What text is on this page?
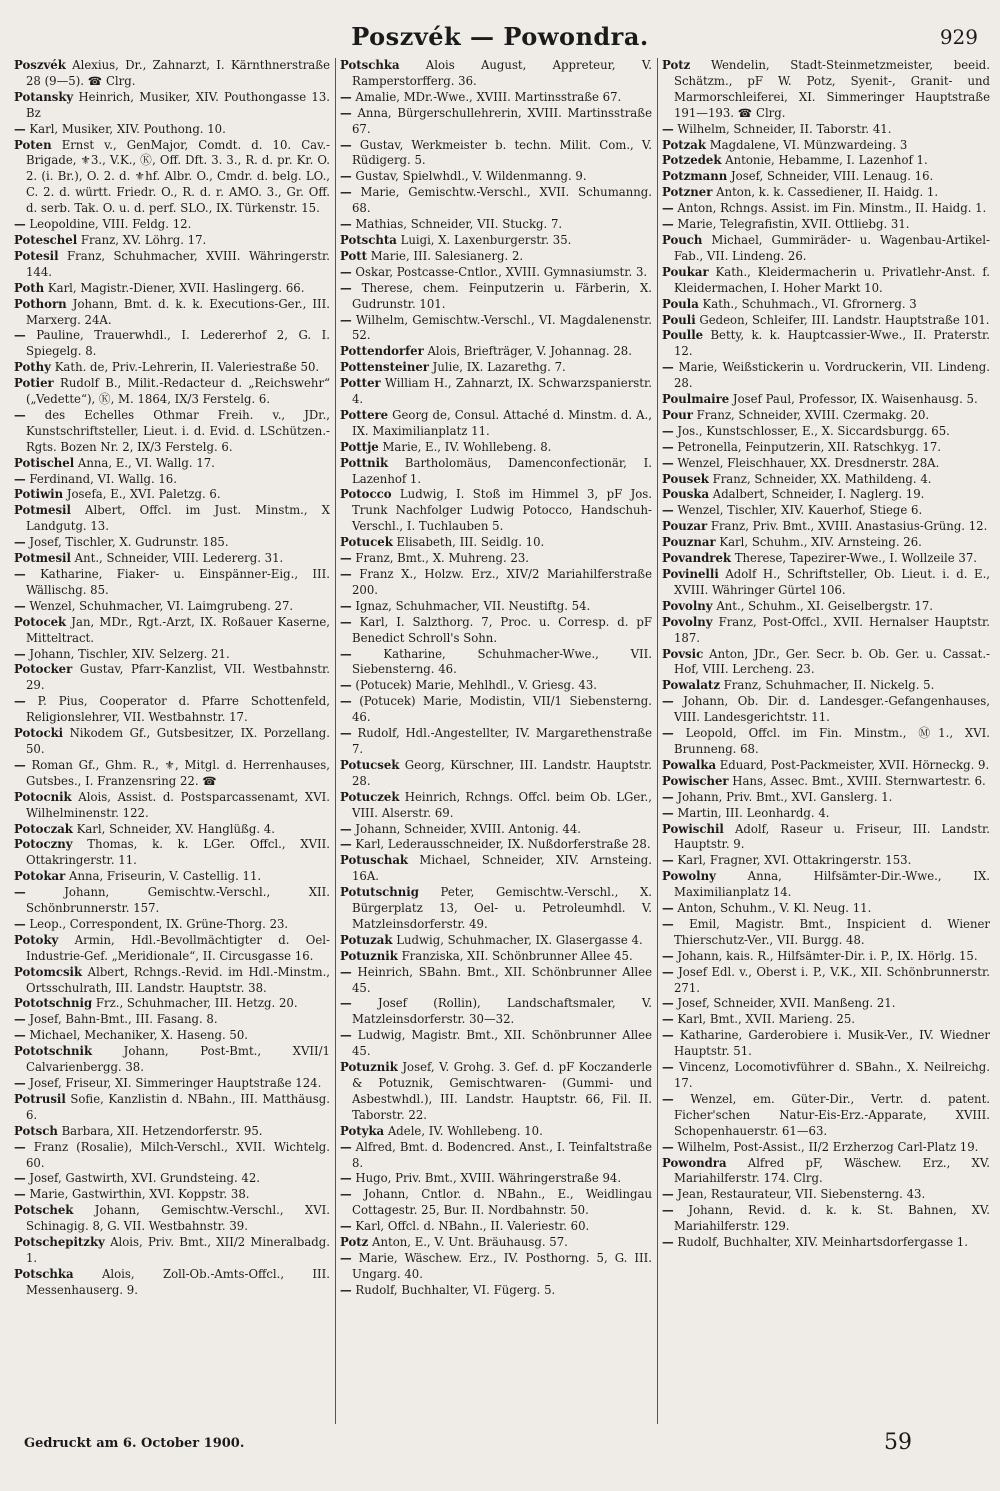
Poszvék — Powondra.	929

Poszvék Alexius, Dr., Zahnarzt, I. Kärnthnerstraße 28 (9—5). ☎ Clrg.

Potansky Heinrich, Musiker, XIV. Pouthongasse 13. Bz

— Karl, Musiker, XIV. Pouthong. 10.

Poten Ernst v., GenMajor, Comdt. d. 10. Cav.-Brigade, ⚜3., V.K., Ⓚ, Off. Dft. 3. 3., R. d. pr. Kr. O. 2. (i. Br.), O. 2. d. ⚜hf. Albr. O., Cmdr. d. belg. LO., C. 2. d. württ. Friedr. O., R. d. r. AMO. 3., Gr. Off. d. serb. Tak. O. u. d. perf. SLO., IX. Türkenstr. 15.

— Leopoldine, VIII. Feldg. 12.

Poteschel Franz, XV. Löhrg. 17.

Potesil Franz, Schuhmacher, XVIII. Währingerstr. 144.

Poth Karl, Magistr.-Diener, XVII. Haslingerg. 66.

Pothorn Johann, Bmt. d. k. k. Executions-Ger., III. Marxerg. 24A.

— Pauline, Trauerwhdl., I. Ledererhof 2, G. I. Spiegelg. 8.

Pothy Kath. de, Priv.-Lehrerin, II. Valeriestraße 50.

Potier Rudolf B., Milit.-Redacteur d. „Reichswehr“ („Vedette“), Ⓚ, M. 1864, IX/3 Ferstelg. 6.

— des Echelles Othmar Freih. v., JDr., Kunstschriftsteller, Lieut. i. d. Evid. d. LSchützen.-Rgts. Bozen Nr. 2, IX/3 Ferstelg. 6.

Potischel Anna, E., VI. Wallg. 17.

— Ferdinand, VI. Wallg. 16.

Potiwin Josefa, E., XVI. Paletzg. 6.

Potmesil Albert, Offcl. im Just. Minstm., X Landgutg. 13.

— Josef, Tischler, X. Gudrunstr. 185.

Potmesil Ant., Schneider, VIII. Ledererg. 31.

— Katharine, Fiaker- u. Einspänner-Eig., III. Wällischg. 85.

— Wenzel, Schuhmacher, VI. Laimgrubeng. 27.

Potocek Jan, MDr., Rgt.-Arzt, IX. Roßauer Kaserne, Mitteltract.

— Johann, Tischler, XIV. Selzerg. 21.

Potocker Gustav, Pfarr-Kanzlist, VII. Westbahnstr. 29.

— P. Pius, Cooperator d. Pfarre Schottenfeld, Religionslehrer, VII. Westbahnstr. 17.

Potocki Nikodem Gf., Gutsbesitzer, IX. Porzellang. 50.

— Roman Gf., Ghm. R., ⚜, Mitgl. d. Herrenhauses, Gutsbes., I. Franzensring 22. ☎

Potocnik Alois, Assist. d. Postsparcassenamt, XVI. Wilhelminenstr. 122.

Potoczak Karl, Schneider, XV. Hanglüßg. 4.

Potoczny Thomas, k. k. LGer. Offcl., XVII. Ottakringerstr. 11.

Potokar Anna, Friseurin, V. Castellig. 11.

—	Johann, Gemischtw.-Verschl., XII. Schönbrunnerstr. 157.

— Leop., Correspondent, IX. Grüne-Thorg. 23.

Potoky Armin, Hdl.-Bevollmächtigter d. Oel-Industrie-Gef. „Meridionale“, II. Circusgasse 16.

Potomcsik Albert, Rchngs.-Revid. im Hdl.-Minstm., Ortsschulrath, III. Landstr. Hauptstr. 38.

Pototschnig Frz., Schuhmacher, III. Hetzg. 20.

— Josef, Bahn-Bmt., III. Fasang. 8.

— Michael, Mechaniker, X. Haseng. 50.

Pototschnik	Johann, Post-Bmt., XVII/1 Calvarienbergg. 38.

— Josef, Friseur, XI. Simmeringer Hauptstraße 124.

Potrusil Sofie, Kanzlistin d. NBahn., III. Matthäusg. 6.

Potsch Barbara, XII. Hetzendorferstr. 95.

— Franz (Rosalie), Milch-Verschl., XVII. Wichtelg. 60.

— Josef, Gastwirth, XVI. Grundsteing. 42.

— Marie, Gastwirthin, XVI. Koppstr. 38.

Potschek Johann, Gemischtw.-Verschl., XVI. Schinagig. 8, G. VII. Westbahnstr. 39.

Potschepitzky Alois, Priv. Bmt., XII/2 Mineralbadg. 1.

Potschka Alois, Zoll-Ob.-Amts-Offcl., III. Messenhauserg. 9.

Potschka Alois August, Appreteur, V. Ramperstorfferg. 36.

— Amalie, MDr.-Wwe., XVIII. Martinsstraße 67.

— Anna, Bürgerschullehrerin, XVIII. Martinsstraße 67.

— Gustav, Werkmeister b. techn. Milit. Com., V. Rüdigerg. 5.

— Gustav, Spielwhdl., V. Wildenmanng. 9.

— Marie, Gemischtw.-Verschl., XVII. Schumanng. 68.

— Mathias, Schneider, VII. Stuckg. 7.

Potschta Luigi, X. Laxenburgerstr. 35.

Pott Marie, III. Salesianerg. 2.

— Oskar, Postcasse-Cntlor., XVIII. Gymnasiumstr. 3.

— Therese, chem. Feinputzerin u. Färberin, X. Gudrunstr. 101.

— Wilhelm, Gemischtw.-Verschl., VI. Magdalenenstr. 52.

Pottendorfer Alois, Briefträger, V. Johannag. 28.

Pottensteiner Julie, IX. Lazarethg. 7.

Potter William H., Zahnarzt, IX. Schwarzspanierstr. 4.

Pottere Georg de, Consul. Attaché d. Minstm. d. A., IX. Maximilianplatz 11.

Pottje Marie, E., IV. Wohllebeng. 8.

Pottnik Bartholomäus, Damenconfectionär, I. Lazenhof 1.

Potocco Ludwig, I. Stoß im Himmel 3, pF Jos. Trunk Nachfolger Ludwig Potocco, Handschuh-Verschl., I. Tuchlauben 5.

Potucek Elisabeth, III. Seidlg. 10.

— Franz, Bmt., X. Muhreng. 23.

— Franz X., Holzw. Erz., XIV/2 Mariahilferstraße 200.

— Ignaz, Schuhmacher, VII. Neustiftg. 54.

— Karl, I. Salzthorg. 7, Proc. u. Corresp. d. pF Benedict Schroll's Sohn.

—	Katharine, Schuhmacher-Wwe., VII. Siebensterng. 46.

— (Potucek) Marie, Mehlhdl., V. Griesg. 43.

— (Potucek) Marie, Modistin, VII/1 Siebensterng. 46.

— Rudolf, Hdl.-Angestellter, IV. Margarethenstraße 7.

Potucsek Georg, Kürschner, III. Landstr. Hauptstr. 28.

Potuczek Heinrich, Rchngs. Offcl. beim Ob. LGer., VIII. Alserstr. 69.

— Johann, Schneider, XVIII. Antonig. 44.

— Karl, Lederausschneider, IX. Nußdorferstraße 28.

Potuschak Michael, Schneider, XIV. Arnsteing. 16A.

Potutschnig Peter, Gemischtw.-Verschl., X. Bürgerplatz 13, Oel- u. Petroleumhdl. V. Matzleinsdorferstr. 49.

Potuzak Ludwig, Schuhmacher, IX. Glasergasse 4.

Potuznik Franziska, XII. Schönbrunner Allee 45.

— Heinrich, SBahn. Bmt., XII. Schönbrunner Allee 45.

— Josef (Rollin), Landschaftsmaler, V. Matzleinsdorferstr. 30—32.

— Ludwig, Magistr. Bmt., XII. Schönbrunner Allee 45.

Potuznik Josef, V. Grohg. 3. Gef. d. pF Koczanderle & Potuznik, Gemischtwaren- (Gummi- und Asbestwhdl.), III. Landstr. Hauptstr. 66, Fil. II. Taborstr. 22.

Potyka Adele, IV. Wohllebeng. 10.

— Alfred, Bmt. d. Bodencred. Anst., I. Teinfaltstraße 8.

— Hugo, Priv. Bmt., XVIII. Währingerstraße 94.

— Johann, Cntlor. d. NBahn., E., Weidlingau Cottagestr. 25, Bur. II. Nordbahnstr. 50.

— Karl, Offcl. d. NBahn., II. Valeriestr. 60.

Potz Anton, E., V. Unt. Bräuhausg. 57.

— Marie, Wäschew. Erz., IV. Posthorng. 5, G. III. Ungarg. 40.

— Rudolf, Buchhalter, VI. Fügerg. 5.

Potz Wendelin, Stadt-Steinmetzmeister, beeid. Schätzm., pF W. Potz, Syenit-, Granit- und Marmorschleiferei, XI. Simmeringer Hauptstraße 191—193. ☎ Clrg.

— Wilhelm, Schneider, II. Taborstr. 41.

Potzak Magdalene, VI. Münzwardeing. 3

Potzedek Antonie, Hebamme, I. Lazenhof 1.

Potzmann Josef, Schneider, VIII. Lenaug. 16.

Potzner Anton, k. k. Cassediener, II. Haidg. 1.

— Anton, Rchngs. Assist. im Fin. Minstm., II. Haidg. 1.

— Marie, Telegrafistin, XVII. Ottliebg. 31.

Pouch Michael, Gummiräder- u. Wagenbau-Artikel-Fab., VII. Lindeng. 26.

Poukar Kath., Kleidermacherin u. Privatlehr-Anst. f. Kleidermachen, I. Hoher Markt 10.

Poula Kath., Schuhmach., VI. Gfrornerg. 3

Pouli Gedeon, Schleifer, III. Landstr. Hauptstraße 101.

Poulle Betty, k. k. Hauptcassier-Wwe., II. Praterstr. 12.

— Marie, Weißstickerin u. Vordruckerin, VII. Lindeng. 28.

Poulmaire Josef Paul, Professor, IX. Waisenhausg. 5.

Pour Franz, Schneider, XVIII. Czermakg. 20.

— Jos., Kunstschlosser, E., X. Siccardsburgg. 65.

— Petronella, Feinputzerin, XII. Ratschkyg. 17.

— Wenzel, Fleischhauer, XX. Dresdnerstr. 28A.

Pousek Franz, Schneider, XX. Mathildeng. 4.

Pouska Adalbert, Schneider, I. Naglerg. 19.

— Wenzel, Tischler, XIV. Kauerhof, Stiege 6.

Pouzar Franz, Priv. Bmt., XVIII. Anastasius-Grüng. 12.

Pouznar Karl, Schuhm., XIV. Arnsteing. 26.

Povandrek Therese, Tapezirer-Wwe., I. Wollzeile 37.

Povinelli Adolf H., Schriftsteller, Ob. Lieut. i. d. E., XVIII. Währinger Gürtel 106.

Povolny Ant., Schuhm., XI. Geiselbergstr. 17.

Povolny Franz, Post-Offcl., XVII. Hernalser Hauptstr. 187.

Povsic Anton, JDr., Ger. Secr. b. Ob. Ger. u. Cassat.-Hof, VIII. Lercheng. 23.

Powalatz Franz, Schuhmacher, II. Nickelg. 5.

— Johann, Ob. Dir. d. Landesger.-Gefangenhauses, VIII. Landesgerichtstr. 11.

— Leopold, Offcl. im Fin. Minstm., Ⓜ1., XVI. Brunneng. 68.

Powalka Eduard, Post-Packmeister, XVII. Hörneckg. 9.

Powischer Hans, Assec. Bmt., XVIII. Sternwartestr. 6.

— Johann, Priv. Bmt., XVI. Ganslerg. 1.

— Martin, III. Leonhardg. 4.

Powischil Adolf, Raseur u. Friseur, III. Landstr. Hauptstr. 9.

— Karl, Fragner, XVI. Ottakringerstr. 153.

Powolny	Anna, Hilfsämter-Dir.-Wwe., IX. Maximilianplatz 14.

— Anton, Schuhm., V. Kl. Neug. 11.

— Emil, Magistr. Bmt., Inspicient d. Wiener Thierschutz-Ver., VII. Burgg. 48.

— Johann, kais. R., Hilfsämter-Dir. i. P., IX. Hörlg. 15.

— Josef Edl. v., Oberst i. P., V.K., XII. Schönbrunnerstr. 271.

— Josef, Schneider, XVII. Manßeng. 21.

— Karl, Bmt., XVII. Marieng. 25.

— Katharine, Garderobiere i. Musik-Ver., IV. Wiedner Hauptstr. 51.

— Vincenz, Locomotivführer d. SBahn., X. Neilreichg. 17.

— Wenzel, em. Güter-Dir., Vertr. d. patent. Ficher'schen Natur-Eis-Erz.-Apparate, XVIII. Schopenhauerstr. 61—63.

— Wilhelm, Post-Assist., II/2 Erzherzog Carl-Platz 19.

Powondra Alfred pF, Wäschew. Erz., XV. Mariahilferstr. 174. Clrg.

— Jean, Restaurateur, VII. Siebensterng. 43.

— Johann, Revid. d. k. k. St. Bahnen, XV. Mariahilferstr. 129.

— Rudolf, Buchhalter, XIV. Meinhartsdorfergasse 1.

Gedruckt am 6. October 1900.	59
